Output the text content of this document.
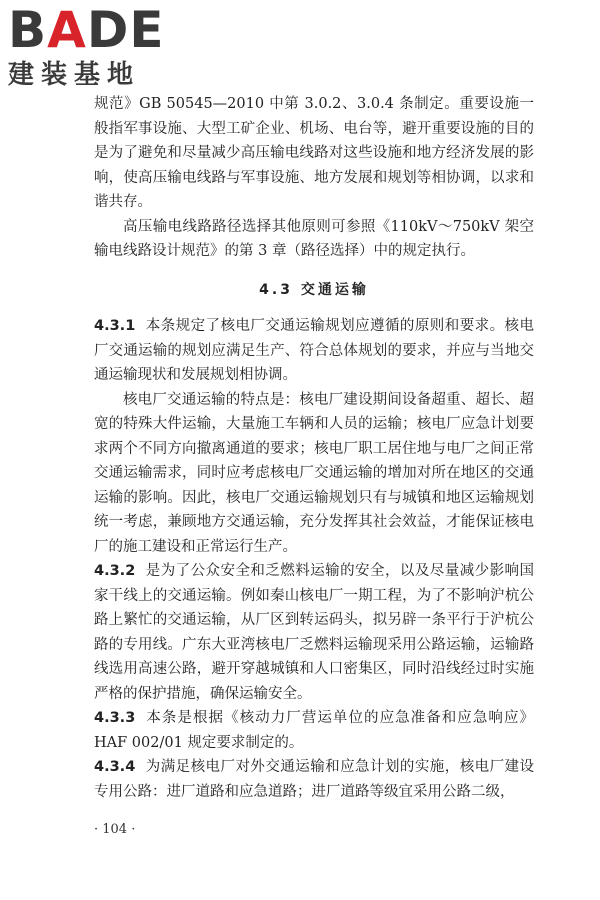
BADE
建装基地

规范》GB 50545—2010 中第 3.0.2、3.0.4 条制定。重要设施一般指军事设施、大型工矿企业、机场、电台等，避开重要设施的目的是为了避免和尽量减少高压输电线路对这些设施和地方经济发展的影响，使高压输电线路与军事设施、地方发展和规划等相协调，以求和谐共存。

高压输电线路路径选择其他原则可参照《110kV～750kV 架空输电线路设计规范》的第 3 章（路径选择）中的规定执行。

4.3 交通运输

4.3.1 本条规定了核电厂交通运输规划应遵循的原则和要求。核电厂交通运输的规划应满足生产、符合总体规划的要求，并应与当地交通运输现状和发展规划相协调。

核电厂交通运输的特点是：核电厂建设期间设备超重、超长、超宽的特殊大件运输，大量施工车辆和人员的运输；核电厂应急计划要求两个不同方向撤离通道的要求；核电厂职工居住地与电厂之间正常交通运输需求，同时应考虑核电厂交通运输的增加对所在地区的交通运输的影响。因此，核电厂交通运输规划只有与城镇和地区运输规划统一考虑，兼顾地方交通运输，充分发挥其社会效益，才能保证核电厂的施工建设和正常运行生产。

4.3.2 是为了公众安全和乏燃料运输的安全，以及尽量减少影响国家干线上的交通运输。例如秦山核电厂一期工程，为了不影响沪杭公路上繁忙的交通运输，从厂区到转运码头，拟另辟一条平行于沪杭公路的专用线。广东大亚湾核电厂乏燃料运输现采用公路运输，运输路线选用高速公路，避开穿越城镇和人口密集区，同时沿线经过时实施严格的保护措施，确保运输安全。

4.3.3 本条是根据《核动力厂营运单位的应急准备和应急响应》HAF 002/01 规定要求制定的。

4.3.4 为满足核电厂对外交通运输和应急计划的实施，核电厂建设专用公路：进厂道路和应急道路；进厂道路等级宜采用公路二级，

· 104 ·
